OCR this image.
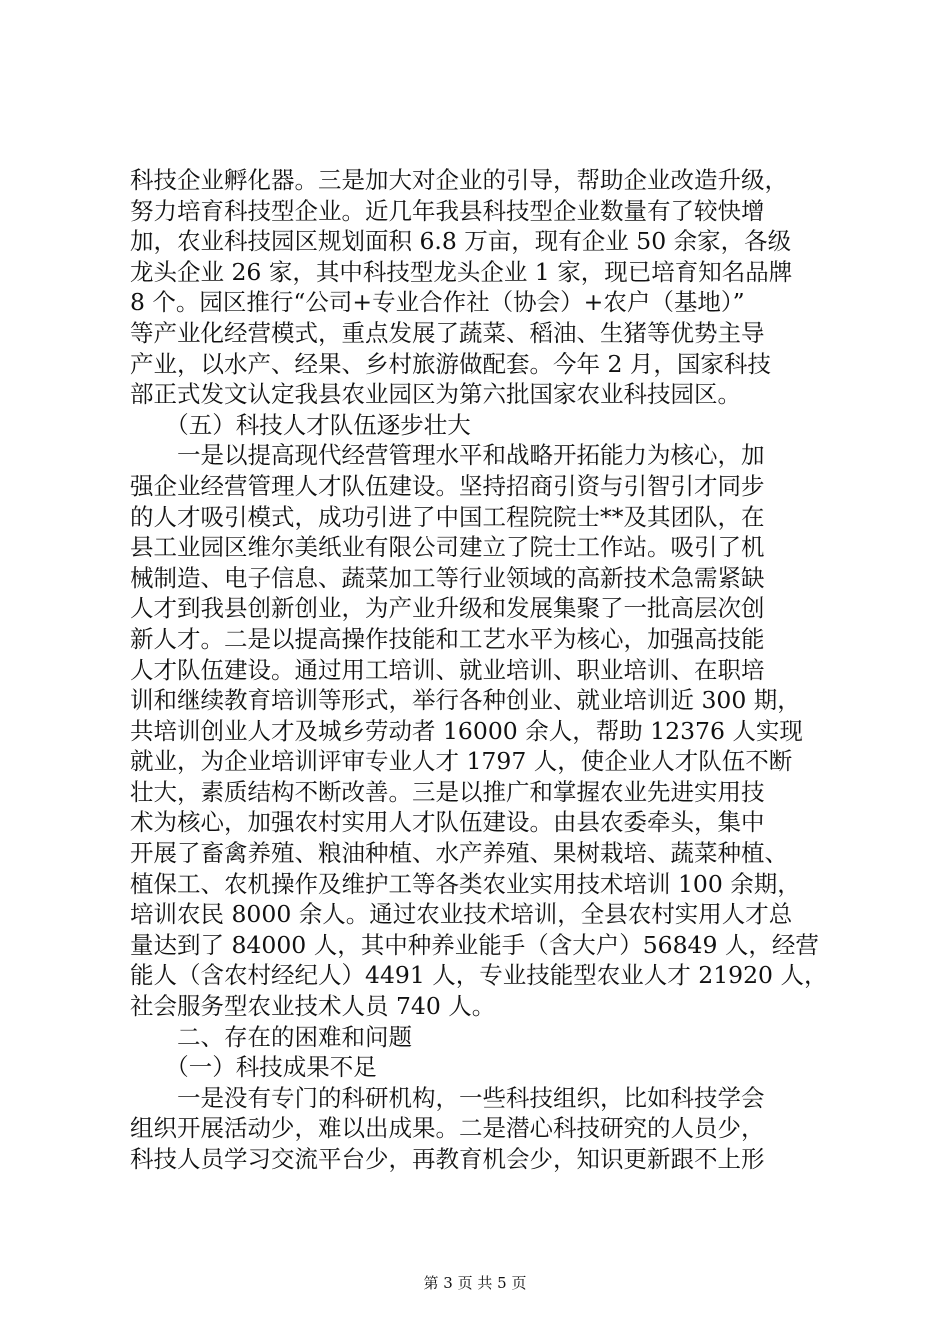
科技企业孵化器。三是加大对企业的引导，帮助企业改造升级，
努力培育科技型企业。近几年我县科技型企业数量有了较快增
加，农业科技园区规划面积 6.8 万亩，现有企业 50 余家，各级
龙头企业 26 家，其中科技型龙头企业 1 家，现已培育知名品牌
8 个。园区推行“公司+专业合作社（协会）+农户（基地）”
等产业化经营模式，重点发展了蔬菜、稻油、生猪等优势主导
产业，以水产、经果、乡村旅游做配套。今年 2 月，国家科技
部正式发文认定我县农业园区为第六批国家农业科技园区。
　　（五）科技人才队伍逐步壮大
　　一是以提高现代经营管理水平和战略开拓能力为核心，加
强企业经营管理人才队伍建设。坚持招商引资与引智引才同步
的人才吸引模式，成功引进了中国工程院院士**及其团队，在
县工业园区维尔美纸业有限公司建立了院士工作站。吸引了机
械制造、电子信息、蔬菜加工等行业领域的高新技术急需紧缺
人才到我县创新创业，为产业升级和发展集聚了一批高层次创
新人才。二是以提高操作技能和工艺水平为核心，加强高技能
人才队伍建设。通过用工培训、就业培训、职业培训、在职培
训和继续教育培训等形式，举行各种创业、就业培训近 300 期，
共培训创业人才及城乡劳动者 16000 余人，帮助 12376 人实现
就业，为企业培训评审专业人才 1797 人，使企业人才队伍不断
壮大，素质结构不断改善。三是以推广和掌握农业先进实用技
术为核心，加强农村实用人才队伍建设。由县农委牵头，集中
开展了畜禽养殖、粮油种植、水产养殖、果树栽培、蔬菜种植、
植保工、农机操作及维护工等各类农业实用技术培训 100 余期，
培训农民 8000 余人。通过农业技术培训，全县农村实用人才总
量达到了 84000 人，其中种养业能手（含大户）56849 人，经营
能人（含农村经纪人）4491 人，专业技能型农业人才 21920 人，
社会服务型农业技术人员 740 人。
　　二、存在的困难和问题
　　（一）科技成果不足
　　一是没有专门的科研机构，一些科技组织，比如科技学会
组织开展活动少，难以出成果。二是潜心科技研究的人员少，
科技人员学习交流平台少，再教育机会少，知识更新跟不上形
第 3 页 共 5 页
